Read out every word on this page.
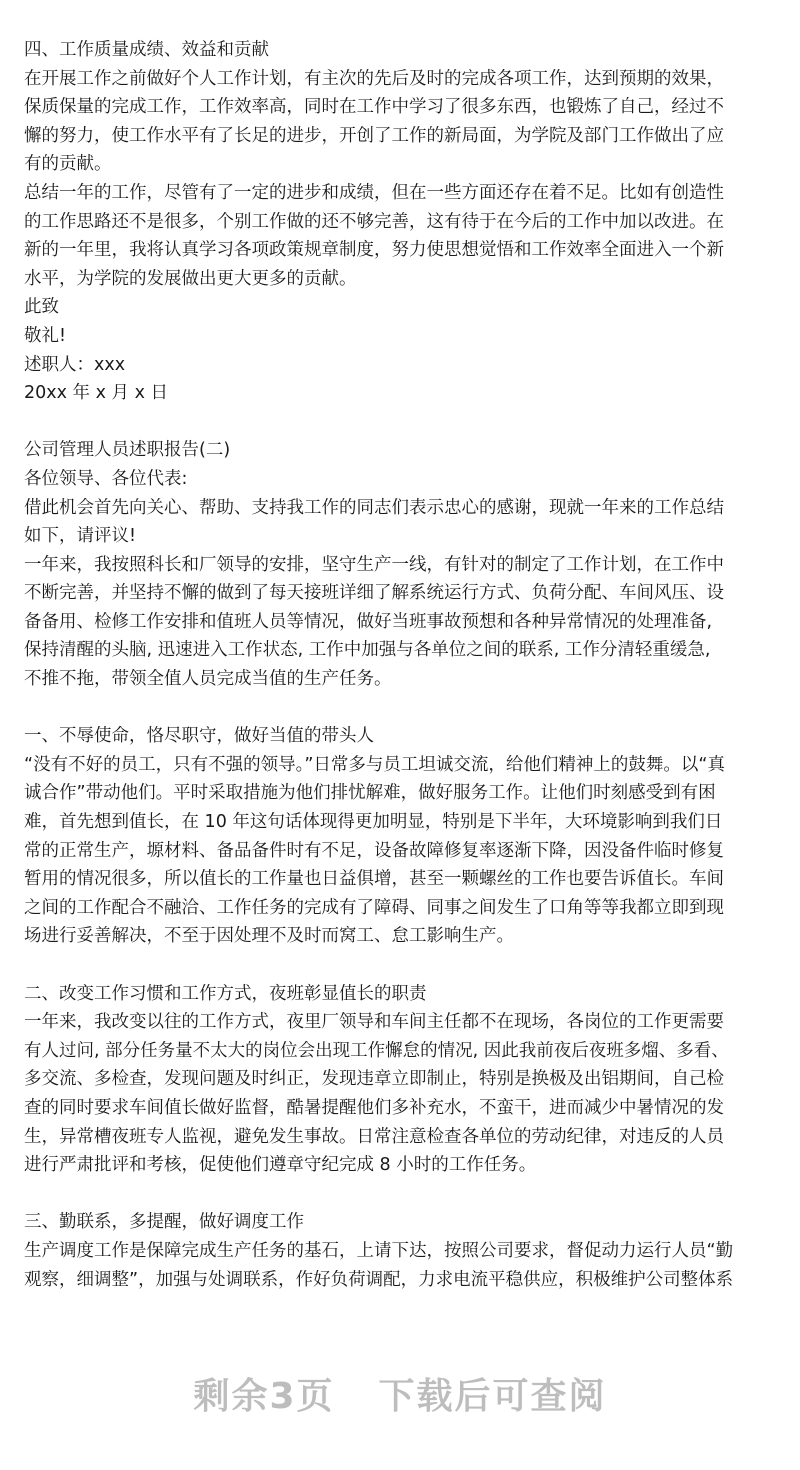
四、工作质量成绩、效益和贡献

在开展工作之前做好个人工作计划，有主次的先后及时的完成各项工作，达到预期的效果，

保质保量的完成工作，工作效率高，同时在工作中学习了很多东西，也锻炼了自己，经过不

懈的努力，使工作水平有了长足的进步，开创了工作的新局面，为学院及部门工作做出了应

有的贡献。

总结一年的工作，尽管有了一定的进步和成绩，但在一些方面还存在着不足。比如有创造性

的工作思路还不是很多，个别工作做的还不够完善，这有待于在今后的工作中加以改进。在

新的一年里，我将认真学习各项政策规章制度，努力使思想觉悟和工作效率全面进入一个新

水平，为学院的发展做出更大更多的贡献。

此致

敬礼!

述职人：xxx

20xx 年 x 月 x 日

公司管理人员述职报告(二)

各位领导、各位代表:

借此机会首先向关心、帮助、支持我工作的同志们表示忠心的感谢，现就一年来的工作总结

如下，请评议!

一年来，我按照科长和厂领导的安排，坚守生产一线，有针对的制定了工作计划，在工作中

不断完善，并坚持不懈的做到了每天接班详细了解系统运行方式、负荷分配、车间风压、设

备备用、检修工作安排和值班人员等情况，做好当班事故预想和各种异常情况的处理准备,

保持清醒的头脑, 迅速进入工作状态, 工作中加强与各单位之间的联系, 工作分清轻重缓急,

不推不拖，带领全值人员完成当值的生产任务。

一、不辱使命，恪尽职守，做好当值的带头人

“没有不好的员工，只有不强的领导。”日常多与员工坦诚交流，给他们精神上的鼓舞。以“真

诚合作”带动他们。平时采取措施为他们排忧解难，做好服务工作。让他们时刻感受到有困

难，首先想到值长，在 10 年这句话体现得更加明显，特别是下半年，大环境影响到我们日

常的正常生产，塬材料、备品备件时有不足，设备故障修复率逐渐下降，因没备件临时修复

暂用的情况很多，所以值长的工作量也日益俱增，甚至一颗螺丝的工作也要告诉值长。车间

之间的工作配合不融洽、工作任务的完成有了障碍、同事之间发生了口角等等我都立即到现

场进行妥善解决，不至于因处理不及时而窝工、怠工影响生产。

二、改变工作习惯和工作方式，夜班彰显值长的职责

一年来，我改变以往的工作方式，夜里厂领导和车间主任都不在现场，各岗位的工作更需要

有人过问, 部分任务量不太大的岗位会出现工作懈怠的情况, 因此我前夜后夜班多熘、多看、

多交流、多检查，发现问题及时纠正，发现违章立即制止，特别是换极及出铝期间，自己检

查的同时要求车间值长做好监督，酷暑提醒他们多补充水，不蛮干，进而减少中暑情况的发

生，异常槽夜班专人监视，避免发生事故。日常注意检查各单位的劳动纪律，对违反的人员

进行严肃批评和考核，促使他们遵章守纪完成 8 小时的工作任务。

三、勤联系，多提醒，做好调度工作

生产调度工作是保障完成生产任务的基石，上请下达，按照公司要求，督促动力运行人员“勤

观察，细调整”，加强与处调联系，作好负荷调配，力求电流平稳供应，积极维护公司整体系

剩余3页 下载后可查阅
